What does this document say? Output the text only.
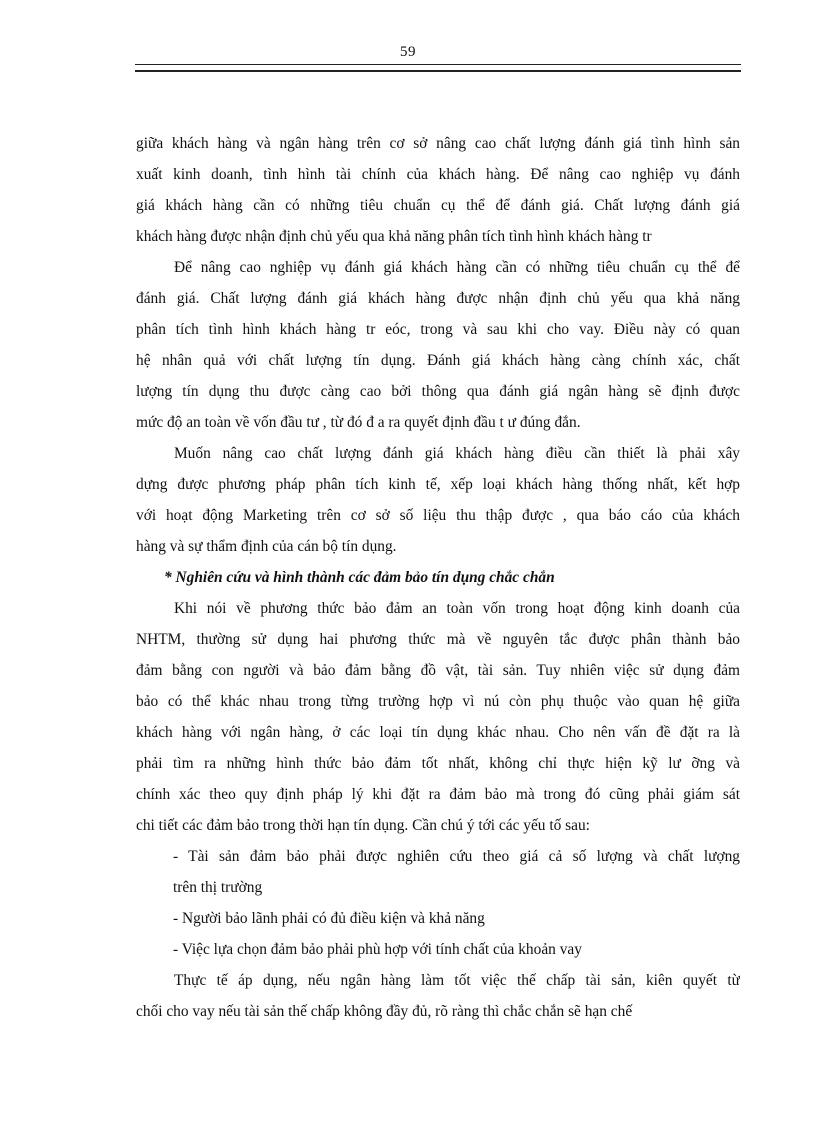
59

giữa khách hàng và ngân hàng trên cơ sở nâng cao chất lượng đánh giá tình hình sản
xuất kinh doanh, tình hình tài chính của khách hàng. Để nâng cao nghiệp vụ đánh
giá khách hàng cần có những tiêu chuẩn cụ thể để đánh giá. Chất lượng đánh giá
khách hàng được nhận định chủ yếu qua khả năng phân tích tình hình khách hàng tr

Để nâng cao nghiệp vụ đánh giá khách hàng cần có những tiêu chuẩn cụ thể để
đánh giá. Chất lượng đánh giá khách hàng được nhận định chủ yếu qua khả năng
phân tích tình hình khách hàng tr eóc, trong và sau khi cho vay. Điều này có quan
hệ nhân quả với chất lượng tín dụng. Đánh giá khách hàng càng chính xác, chất
lượng tín dụng thu được càng cao bởi thông qua đánh giá ngân hàng sẽ định được
mức độ an toàn về vốn đầu tư , từ đó đ a ra quyết định đầu t ư đúng đắn.

Muốn nâng cao chất lượng đánh giá khách hàng điều cần thiết là phải xây
dựng được phương pháp phân tích kinh tế, xếp loại khách hàng thống nhất, kết hợp
với hoạt động Marketing trên cơ sở số liệu thu thập được , qua báo cáo của khách
hàng và sự thẩm định của cán bộ tín dụng.

* Nghiên cứu và hình thành các đảm bảo tín dụng chắc chắn

Khi nói về phương thức bảo đảm an toàn vốn trong hoạt động kinh doanh của
NHTM, thường sử dụng hai phương thức mà về nguyên tắc được phân thành bảo
đảm bằng con người và bảo đảm bằng đồ vật, tài sản. Tuy nhiên việc sử dụng đảm
bảo có thể khác nhau trong từng trường hợp vì nú còn phụ thuộc vào quan hệ giữa
khách hàng với ngân hàng, ở các loại tín dụng khác nhau. Cho nên vấn đề đặt ra là
phải tìm ra những hình thức bảo đảm tốt nhất, không chỉ thực hiện kỹ lư ỡng và
chính xác theo quy định pháp lý khi đặt ra đảm bảo mà trong đó cũng phải giám sát
chi tiết các đảm bảo trong thời hạn tín dụng. Cần chú ý tới các yếu tố sau:

- Tài sản đảm bảo phải được nghiên cứu theo giá cả số lượng và chất lượng
trên thị trường
- Người bảo lãnh phải có đủ điều kiện và khả năng
- Việc lựa chọn đảm bảo phải phù hợp với tính chất của khoản vay

Thực tế áp dụng, nếu ngân hàng làm tốt việc thế chấp tài sản, kiên quyết từ
chối cho vay nếu tài sản thế chấp không đầy đủ, rõ ràng thì chắc chắn sẽ hạn chế
